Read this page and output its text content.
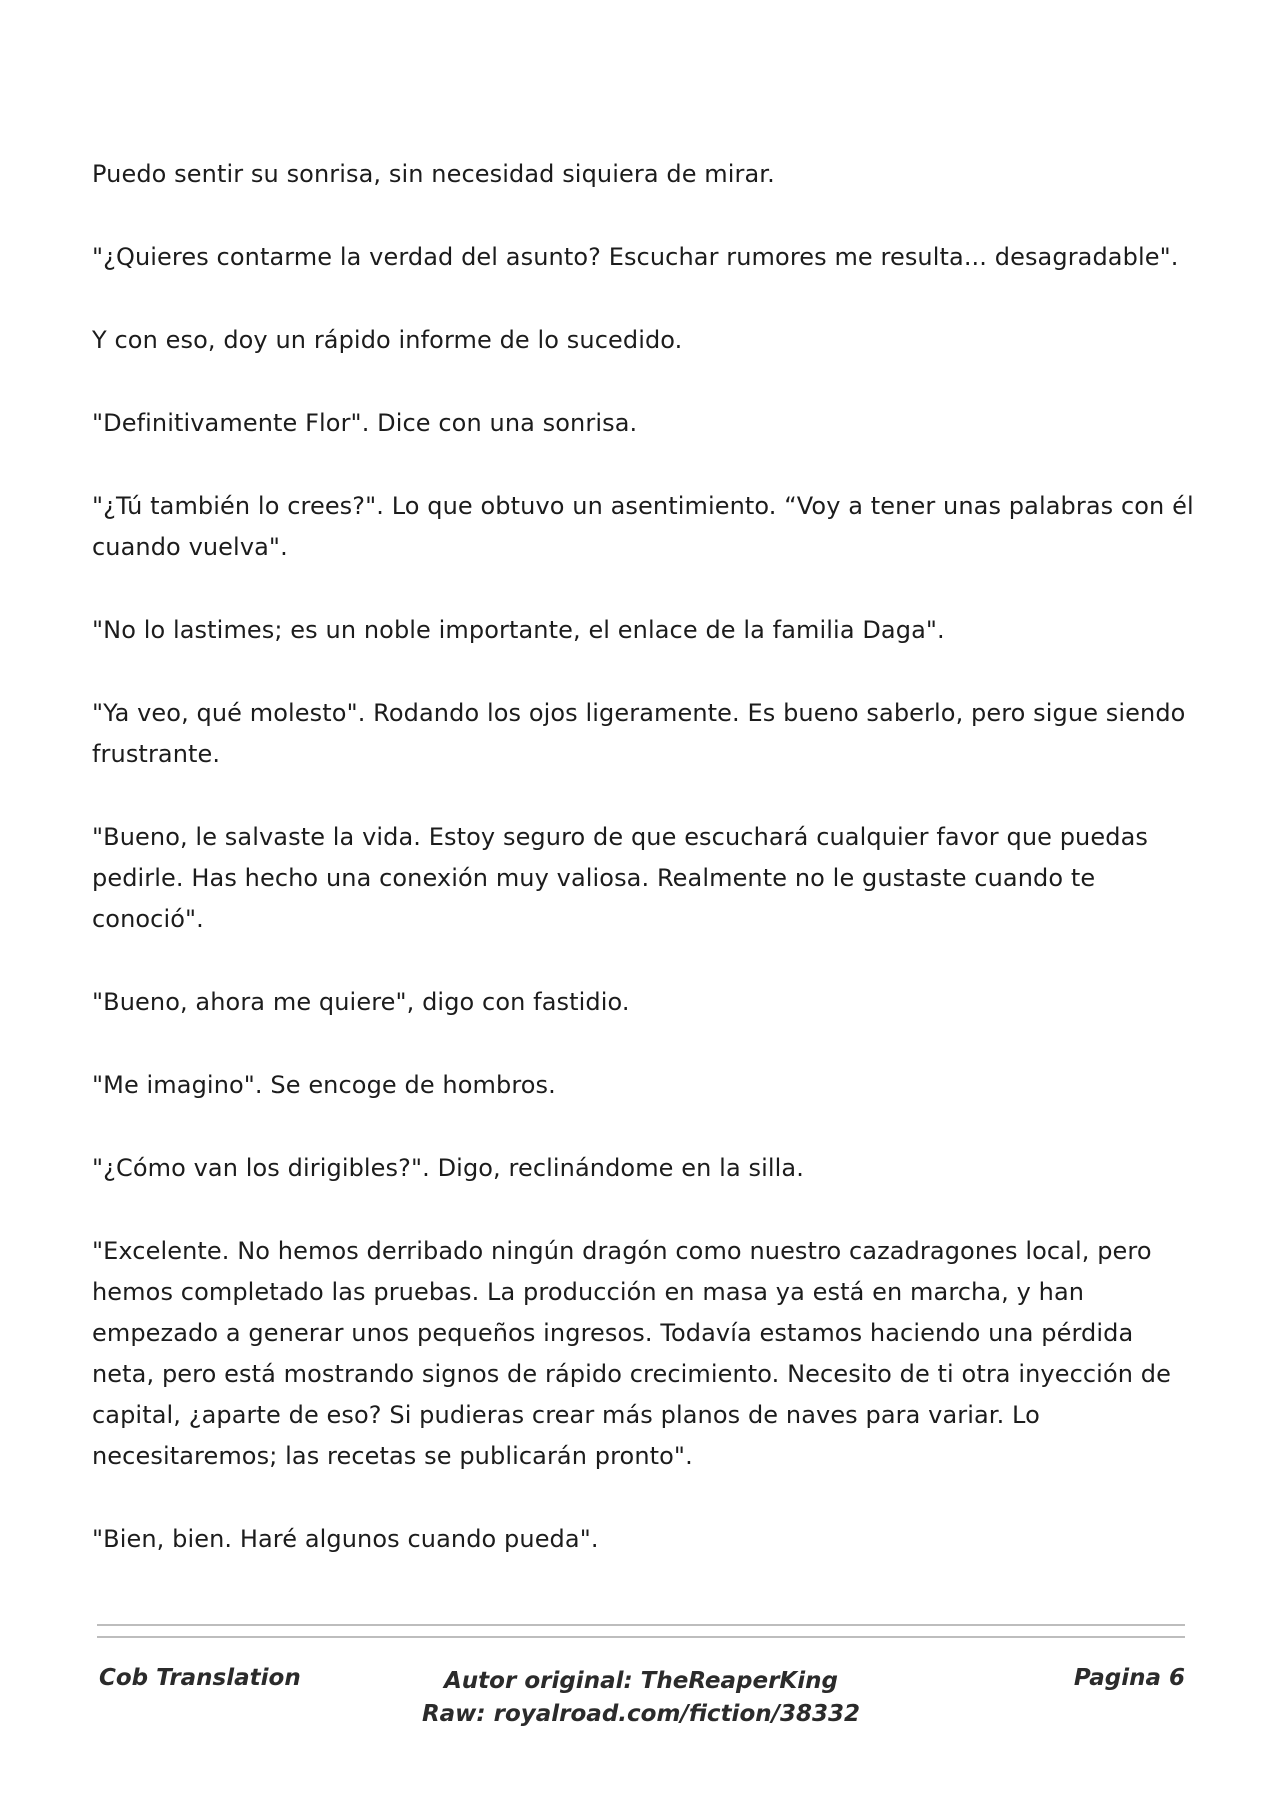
Puedo sentir su sonrisa, sin necesidad siquiera de mirar.

"¿Quieres contarme la verdad del asunto? Escuchar rumores me resulta... desagradable".

Y con eso, doy un rápido informe de lo sucedido.

"Definitivamente Flor". Dice con una sonrisa.

"¿Tú también lo crees?". Lo que obtuvo un asentimiento. “Voy a tener unas palabras con él cuando vuelva".

"No lo lastimes; es un noble importante, el enlace de la familia Daga".

"Ya veo, qué molesto". Rodando los ojos ligeramente. Es bueno saberlo, pero sigue siendo frustrante.

"Bueno, le salvaste la vida. Estoy seguro de que escuchará cualquier favor que puedas pedirle. Has hecho una conexión muy valiosa. Realmente no le gustaste cuando te conoció".

"Bueno, ahora me quiere", digo con fastidio.

"Me imagino". Se encoge de hombros.

"¿Cómo van los dirigibles?". Digo, reclinándome en la silla.

"Excelente. No hemos derribado ningún dragón como nuestro cazadragones local, pero hemos completado las pruebas. La producción en masa ya está en marcha, y han empezado a generar unos pequeños ingresos. Todavía estamos haciendo una pérdida neta, pero está mostrando signos de rápido crecimiento. Necesito de ti otra inyección de capital, ¿aparte de eso? Si pudieras crear más planos de naves para variar. Lo necesitaremos; las recetas se publicarán pronto".

"Bien, bien. Haré algunos cuando pueda".

Cob Translation	Autor original: TheReaperKing
Raw: royalroad.com/fiction/38332
Pagina 6
